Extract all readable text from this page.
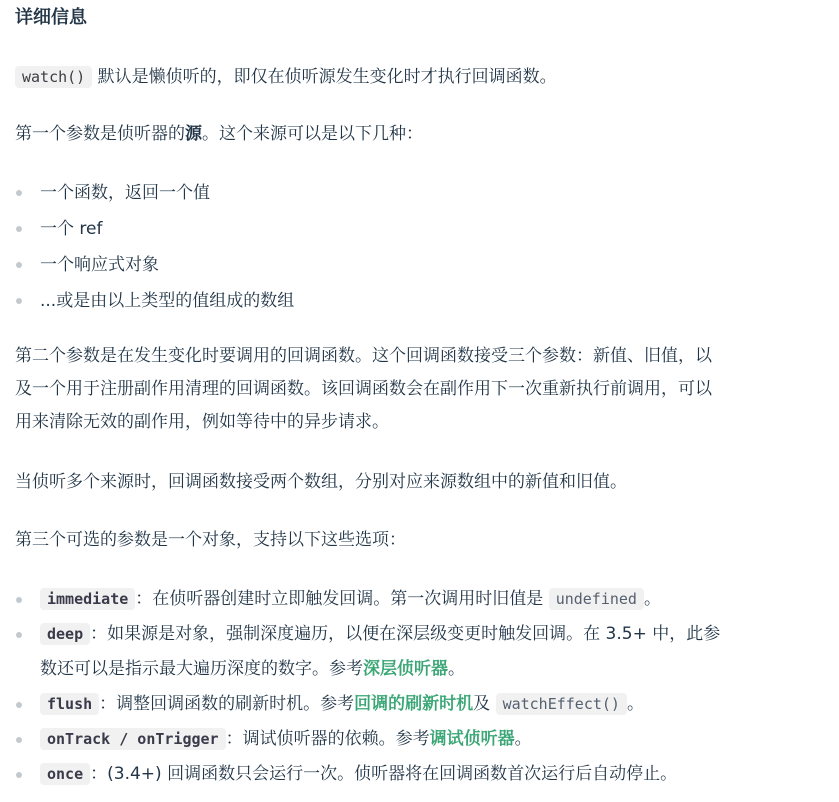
详细信息

watch() 默认是懒侦听的，即仅在侦听源发生变化时才执行回调函数。

第一个参数是侦听器的源。这个来源可以是以下几种：

一个函数，返回一个值
一个 ref
一个响应式对象
...或是由以上类型的值组成的数组

第二个参数是在发生变化时要调用的回调函数。这个回调函数接受三个参数：新值、旧值，以
及一个用于注册副作用清理的回调函数。该回调函数会在副作用下一次重新执行前调用，可以
用来清除无效的副作用，例如等待中的异步请求。

当侦听多个来源时，回调函数接受两个数组，分别对应来源数组中的新值和旧值。

第三个可选的参数是一个对象，支持以下这些选项：

immediate ：在侦听器创建时立即触发回调。第一次调用时旧值是 undefined 。
deep ：如果源是对象，强制深度遍历，以便在深层级变更时触发回调。在 3.5+ 中，此参
数还可以是指示最大遍历深度的数字。参考深层侦听器。
flush ：调整回调函数的刷新时机。参考回调的刷新时机及 watchEffect() 。
onTrack / onTrigger ：调试侦听器的依赖。参考调试侦听器。
once ：(3.4+) 回调函数只会运行一次。侦听器将在回调函数首次运行后自动停止。
